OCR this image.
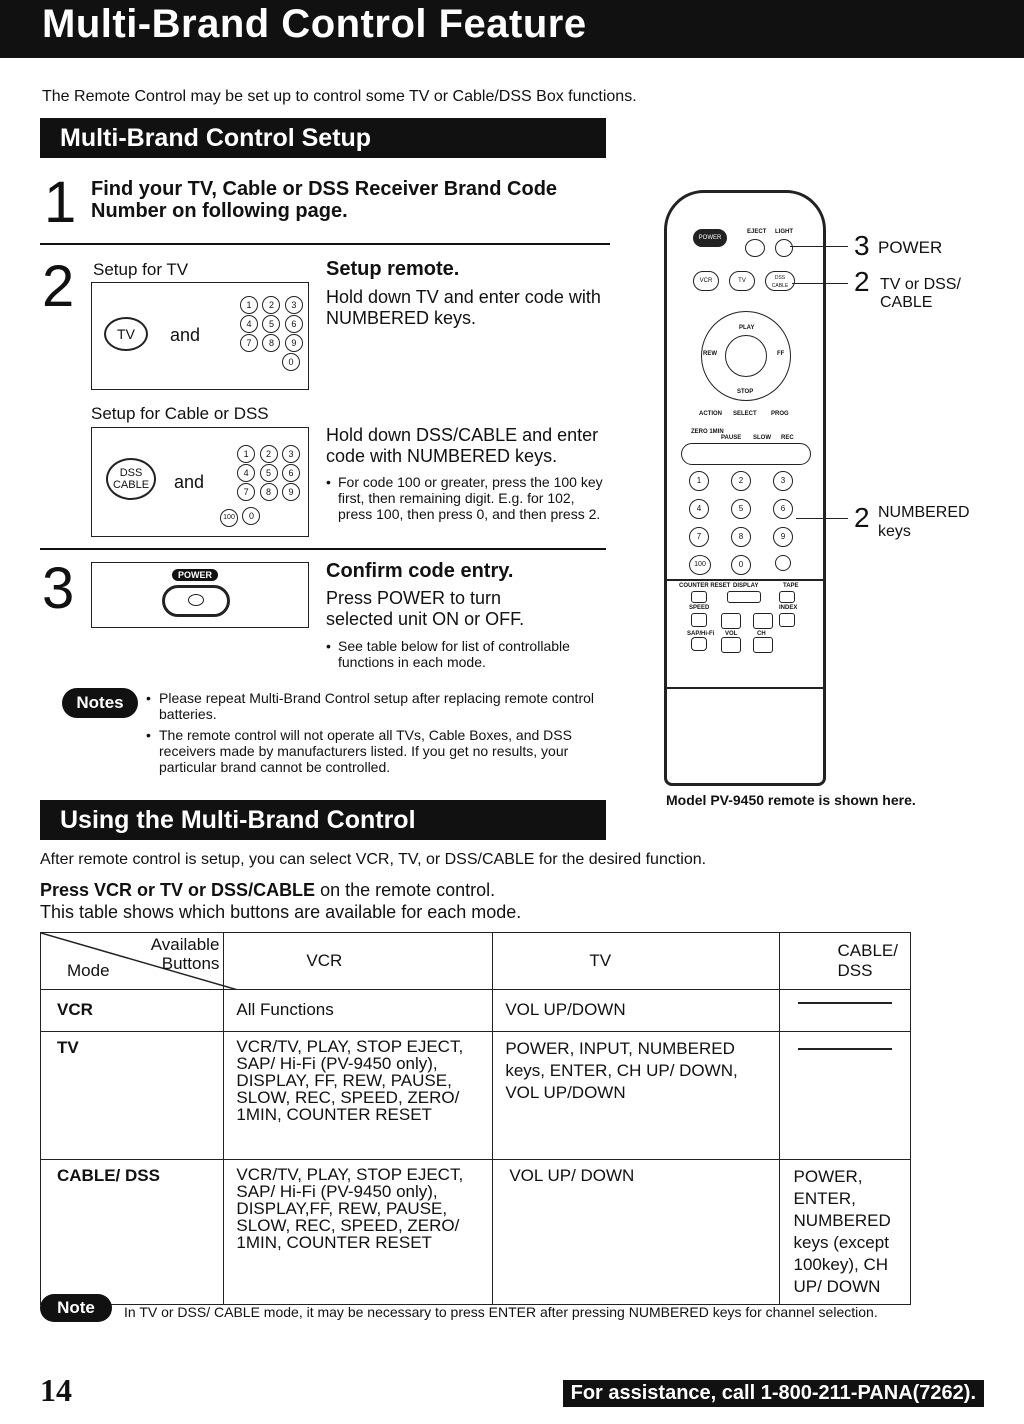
Multi-Brand Control Feature
The Remote Control may be set up to control some TV or Cable/DSS Box functions.
Multi-Brand Control Setup
1 Find your TV, Cable or DSS Receiver Brand Code Number on following page.
2 Setup for TV
TV	and
1 2 3 4 5 6 7 8 9 0
Setup remote.
Hold down TV and enter code with NUMBERED keys.
Setup for Cable or DSS
DSS
CABLE and
1 2 3 4 5 6 7 8 9
100 0
Hold down DSS/CABLE and enter code with NUMBERED keys.
• For code 100 or greater, press the 100 key first, then remaining digit. E.g. for 102, press 100, then press 0, and then press 2.
3	POWER	Confirm code entry.
Press POWER to turn selected unit ON or OFF.
• See table below for list of controllable functions in each mode.
Notes	• Please repeat Multi-Brand Control setup after replacing remote control batteries.
• The remote control will not operate all TVs, Cable Boxes, and DSS receivers made by manufacturers listed. If you get no results, your particular brand cannot be controlled.
POWER
EJECT LIGHT
VCR	TV	DSS CABLE
PLAY
REW	FF
STOP
ACTION SELECT PROG
ZERO 1MIN
PAUSE SLOW REC
1	2	3
4	5	6
7	8	9
100	0
COUNTER RESET DISPLAY	TAPE
SPEED	INDEX
SAP/Hi-Fi VOL	CH
3 POWER
2 TV or DSS/ CABLE
2 NUMBERED keys
Model PV-9450 remote is shown here.
Using the Multi-Brand Control
After remote control is setup, you can select VCR, TV, or DSS/CABLE for the desired function.
Press VCR or TV or DSS/CABLE on the remote control.
This table shows which buttons are available for each mode.
Available Buttons
Mode	VCR	TV	CABLE/ DSS
VCR	All Functions	VOL UP/DOWN	

TV	VCR/TV, PLAY, STOP EJECT, SAP/ Hi-Fi (PV-9450 only), DISPLAY, FF, REW, PAUSE, SLOW, REC, SPEED, ZERO/ 1MIN, COUNTER RESET	POWER, INPUT, NUMBERED keys, ENTER, CH UP/ DOWN, VOL UP/DOWN	

CABLE/ DSS	VCR/TV, PLAY, STOP EJECT, SAP/ Hi-Fi (PV-9450 only), DISPLAY,FF, REW, PAUSE, SLOW, REC, SPEED, ZERO/ 1MIN, COUNTER RESET	VOL UP/ DOWN	POWER, ENTER, NUMBERED keys (except 100key), CH UP/ DOWN
Note	In TV or DSS/ CABLE mode, it may be necessary to press ENTER after pressing NUMBERED keys for channel selection.
14	For assistance, call 1-800-211-PANA(7262).
